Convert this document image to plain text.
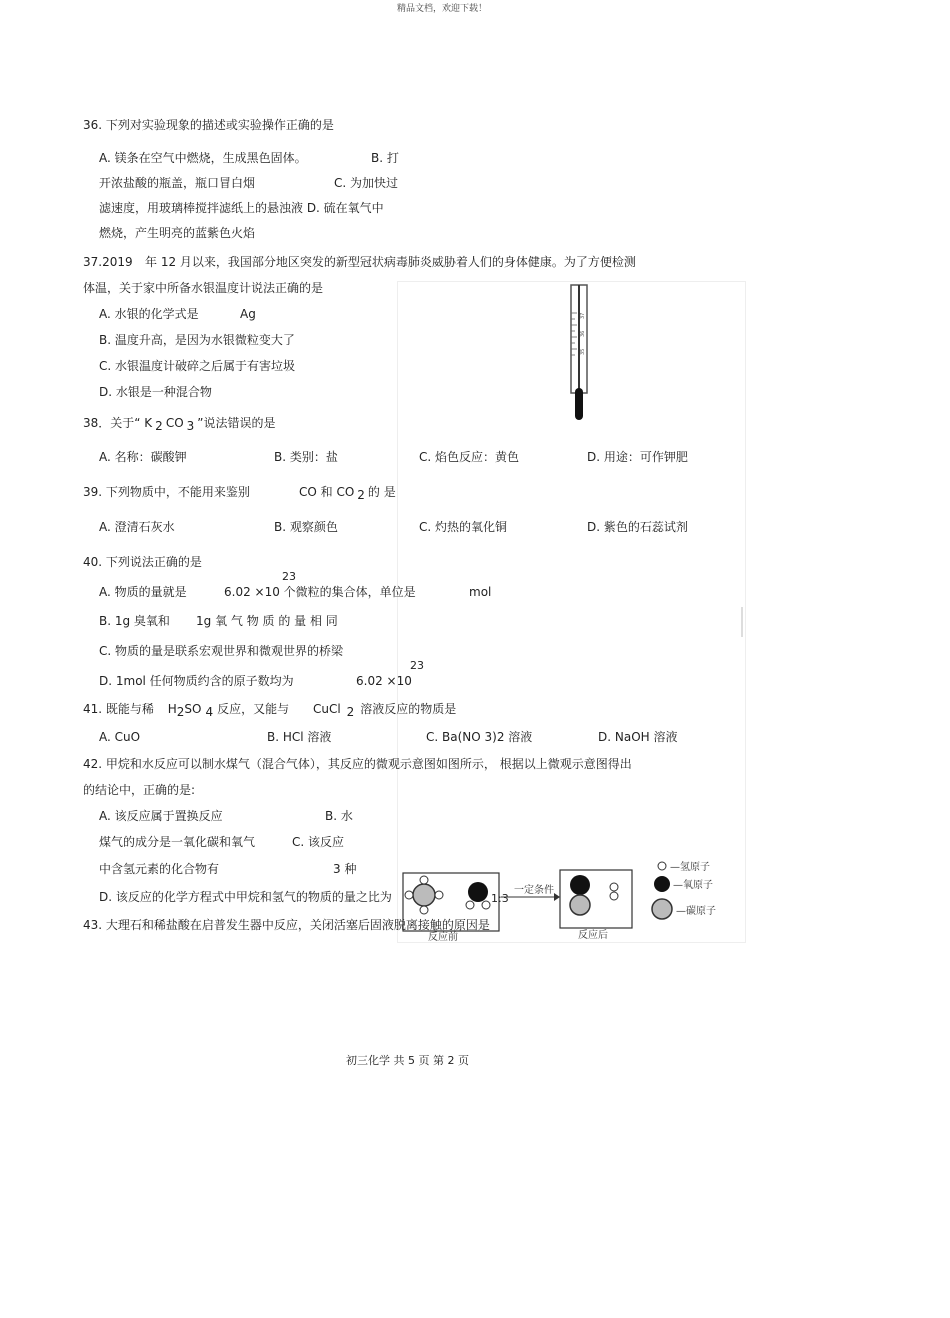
精品文档，欢迎下载！
36. 下列对实验现象的描述或实验操作正确的是
A. 镁条在空气中燃烧，生成黑色固体。	B. 打
开浓盐酸的瓶盖，瓶口冒白烟	C. 为加快过
滤速度，用玻璃棒搅拌滤纸上的悬浊液 D. 硫在氧气中
燃烧，产生明亮的蓝紫色火焰
37.2019 年 12 月以来，我国部分地区突发的新型冠状病毒肺炎威胁着人们的身体健康。为了方便检测
体温，关于家中所备水银温度计说法正确的是
A. 水银的化学式是	Ag
B. 温度升高，是因为水银微粒变大了
C. 水银温度计破碎之后属于有害垃圾
D. 水银是一种混合物
37
36
35
38．关于“ K 2 CO 3 ”说法错误的是
A. 名称：碳酸钾	B. 类别：盐	C. 焰色反应：黄色	D. 用途：可作钾肥
39. 下列物质中，不能用来鉴别	CO 和 CO 2 的 是
A. 澄清石灰水	B. 观察颜色	C. 灼热的氧化铜	D. 紫色的石蕊试剂
40. 下列说法正确的是
23
A. 物质的量就是	6.02 ×10 个微粒的集合体，单位是	mol
B. 1g 臭氧和 1g 氧 气 物 质 的 量 相 同
C. 物质的量是联系宏观世界和微观世界的桥梁
23
D. 1mol 任何物质约含的原子数均为	6.02 ×10
41. 既能与稀 H2SO 4 反应，又能与 CuCl 2 溶液反应的物质是
A. CuO	B. HCl 溶液	C. Ba(NO 3)2 溶液	D. NaOH 溶液
42. 甲烷和水反应可以制水煤气（混合气体），其反应的微观示意图如图所示， 根据以上微观示意图得出
的结论中，正确的是:
A. 该反应属于置换反应	B. 水
煤气的成分是一氧化碳和氧气	C. 该反应
中含氢元素的化合物有	3 种
D. 该反应的化学方程式中甲烷和氢气的物质的量之比为	1:3
反应前
一定条件
反应后
—氢原子
—氧原子
—碳原子
43. 大理石和稀盐酸在启普发生器中反应，关闭活塞后固液脱离接触的原因是
初三化学 共 5 页 第 2 页
